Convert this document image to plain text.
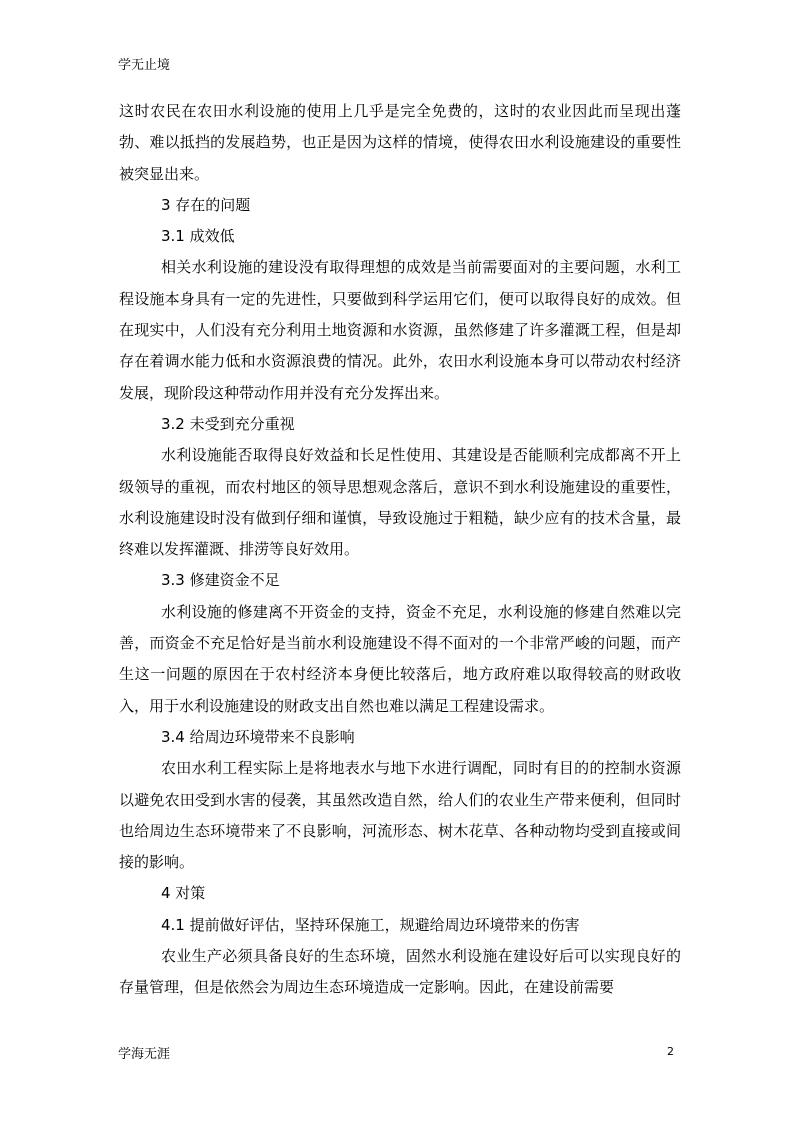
学无止境

这时农民在农田水利设施的使用上几乎是完全免费的，这时的农业因此而呈现出蓬勃、难以抵挡的发展趋势，也正是因为这样的情境，使得农田水利设施建设的重要性被突显出来。

3 存在的问题

3.1 成效低

相关水利设施的建设没有取得理想的成效是当前需要面对的主要问题，水利工程设施本身具有一定的先进性，只要做到科学运用它们，便可以取得良好的成效。但在现实中，人们没有充分利用土地资源和水资源，虽然修建了许多灌溉工程，但是却存在着调水能力低和水资源浪费的情况。此外，农田水利设施本身可以带动农村经济发展，现阶段这种带动作用并没有充分发挥出来。

3.2 未受到充分重视

水利设施能否取得良好效益和长足性使用、其建设是否能顺利完成都离不开上级领导的重视，而农村地区的领导思想观念落后，意识不到水利设施建设的重要性，水利设施建设时没有做到仔细和谨慎，导致设施过于粗糙，缺少应有的技术含量，最终难以发挥灌溉、排涝等良好效用。

3.3 修建资金不足

水利设施的修建离不开资金的支持，资金不充足，水利设施的修建自然难以完善，而资金不充足恰好是当前水利设施建设不得不面对的一个非常严峻的问题，而产生这一问题的原因在于农村经济本身便比较落后，地方政府难以取得较高的财政收入，用于水利设施建设的财政支出自然也难以满足工程建设需求。

3.4 给周边环境带来不良影响

农田水利工程实际上是将地表水与地下水进行调配，同时有目的的控制水资源以避免农田受到水害的侵袭，其虽然改造自然，给人们的农业生产带来便利，但同时也给周边生态环境带来了不良影响，河流形态、树木花草、各种动物均受到直接或间接的影响。

4 对策

4.1 提前做好评估，坚持环保施工，规避给周边环境带来的伤害

农业生产必须具备良好的生态环境，固然水利设施在建设好后可以实现良好的存量管理，但是依然会为周边生态环境造成一定影响。因此，在建设前需要

学海无涯	2
